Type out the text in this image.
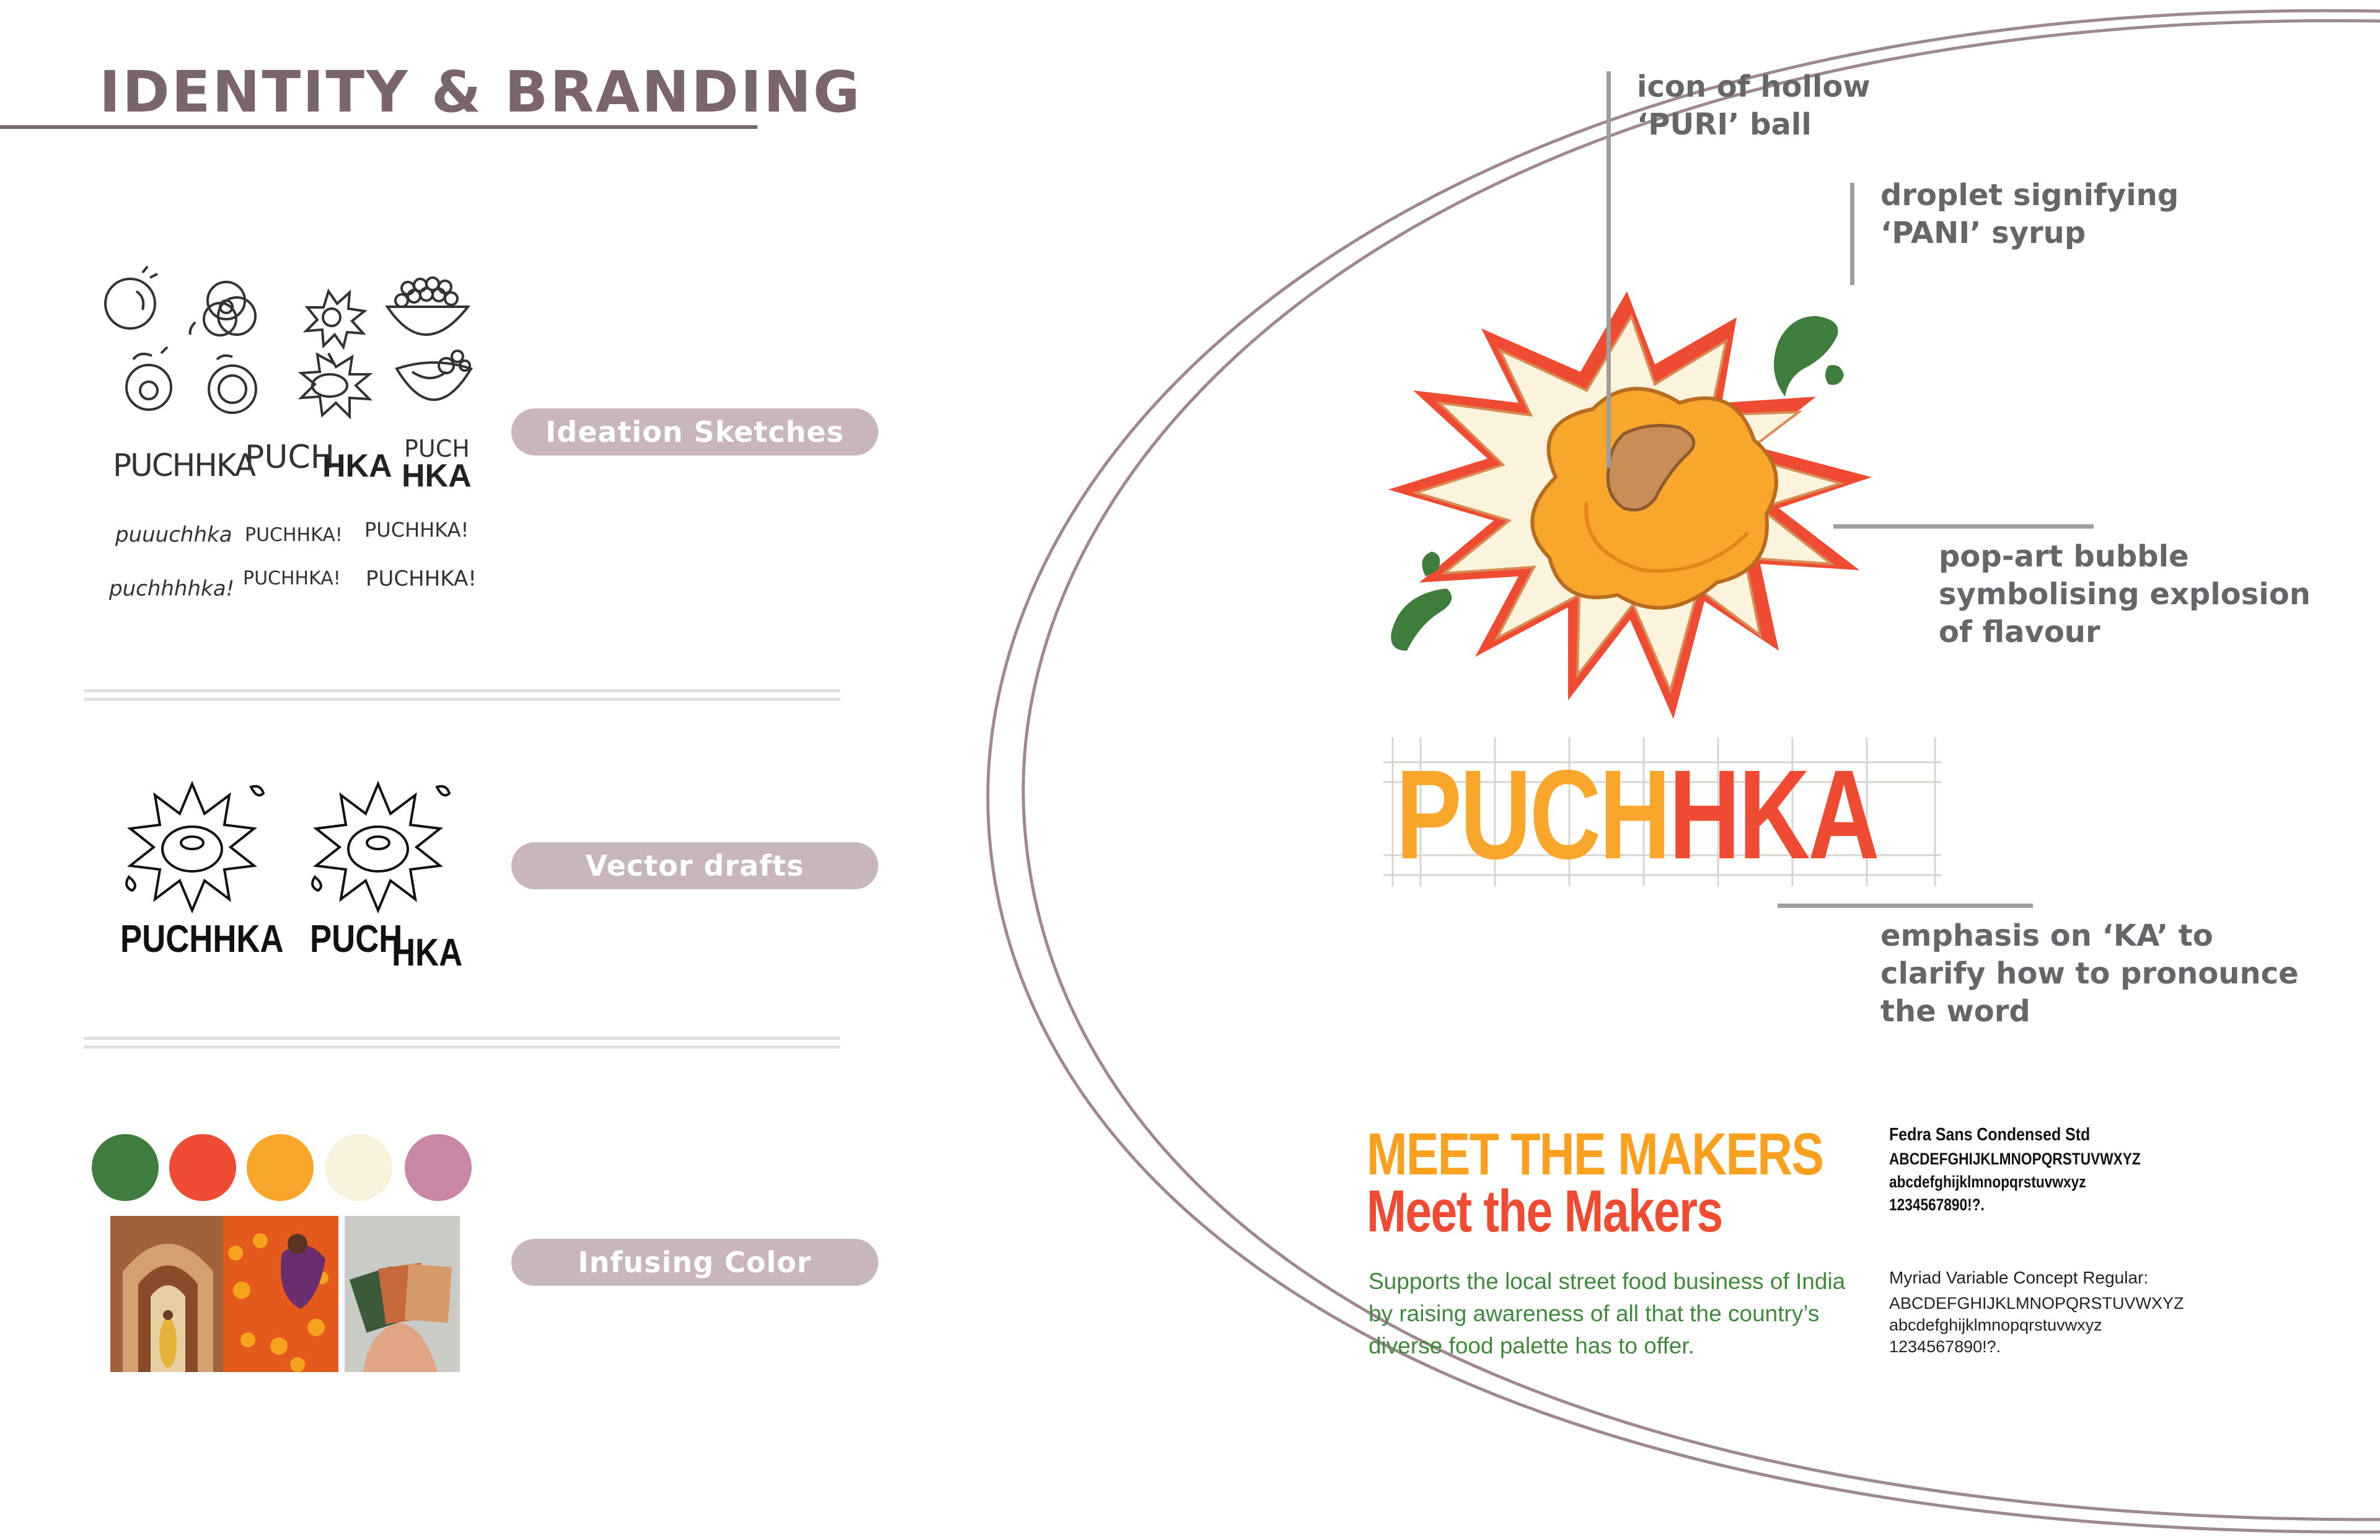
IDENTITY & BRANDING
PUCHHKA
PUCH
HKA PUCH
HKA
puuuchhka PUCHHKA! PUCHHKA!
puchhhhka! PUCHHKA! PUCHHKA!
Ideation Sketches
PUCHHKA PUCH
HKA
Vector drafts
Infusing Color
PUCHHKA
icon of hollow
‘PURI’ ball
droplet signifying
‘PANI’ syrup
pop-art bubble
symbolising explosion
of flavour
emphasis on ‘KA’ to
clarify how to pronounce
the word
MEET THE MAKERS
Meet the Makers
Supports the local street food business of India by raising awareness of all that the country’s diverse food palette has to offer.
Fedra Sans Condensed Std
ABCDEFGHIJKLMNOPQRSTUVWXYZ
abcdefghijklmnopqrstuvwxyz
1234567890!?.
Myriad Variable Concept Regular:
ABCDEFGHIJKLMNOPQRSTUVWXYZ
abcdefghijklmnopqrstuvwxyz
1234567890!?.
